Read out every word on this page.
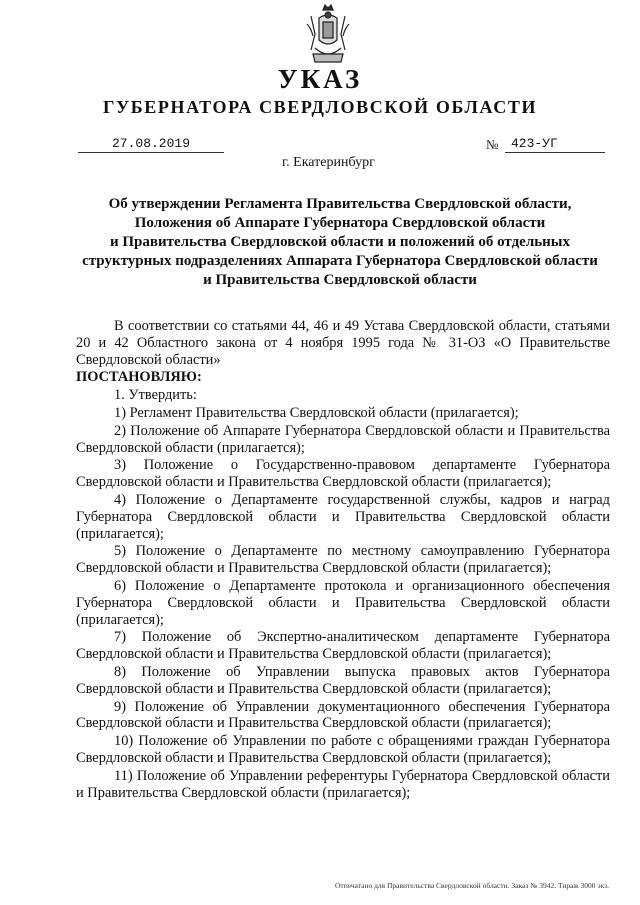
УКАЗ
ГУБЕРНАТОРА СВЕРДЛОВСКОЙ ОБЛАСТИ
27.08.2019	№ 423-УГ
г. Екатеринбург
Об утверждении Регламента Правительства Свердловской области,
Положения об Аппарате Губернатора Свердловской области
и Правительства Свердловской области и положений об отдельных
структурных подразделениях Аппарата Губернатора Свердловской области
и Правительства Свердловской области

В соответствии со статьями 44, 46 и 49 Устава Свердловской области, статьями 20 и 42 Областного закона от 4 ноября 1995 года № 31-ОЗ «О Правительстве Свердловской области»

ПОСТАНОВЛЯЮ:

1. Утвердить:

1) Регламент Правительства Свердловской области (прилагается);

2) Положение об Аппарате Губернатора Свердловской области и Правительства Свердловской области (прилагается);

3) Положение о Государственно-правовом департаменте Губернатора Свердловской области и Правительства Свердловской области (прилагается);

4) Положение о Департаменте государственной службы, кадров и наград Губернатора Свердловской области и Правительства Свердловской области (прилагается);

5) Положение о Департаменте по местному самоуправлению Губернатора Свердловской области и Правительства Свердловской области (прилагается);

6) Положение о Департаменте протокола и организационного обеспечения Губернатора Свердловской области и Правительства Свердловской области (прилагается);

7) Положение об Экспертно-аналитическом департаменте Губернатора Свердловской области и Правительства Свердловской области (прилагается);

8) Положение об Управлении выпуска правовых актов Губернатора Свердловской области и Правительства Свердловской области (прилагается);

9) Положение об Управлении документационного обеспечения Губернатора Свердловской области и Правительства Свердловской области (прилагается);

10) Положение об Управлении по работе с обращениями граждан Губернатора Свердловской области и Правительства Свердловской области (прилагается);

11) Положение об Управлении референтуры Губернатора Свердловской области и Правительства Свердловской области (прилагается);

Отпечатано для Правительства Свердловской области. Заказ № 3942. Тираж 3000 экз.
